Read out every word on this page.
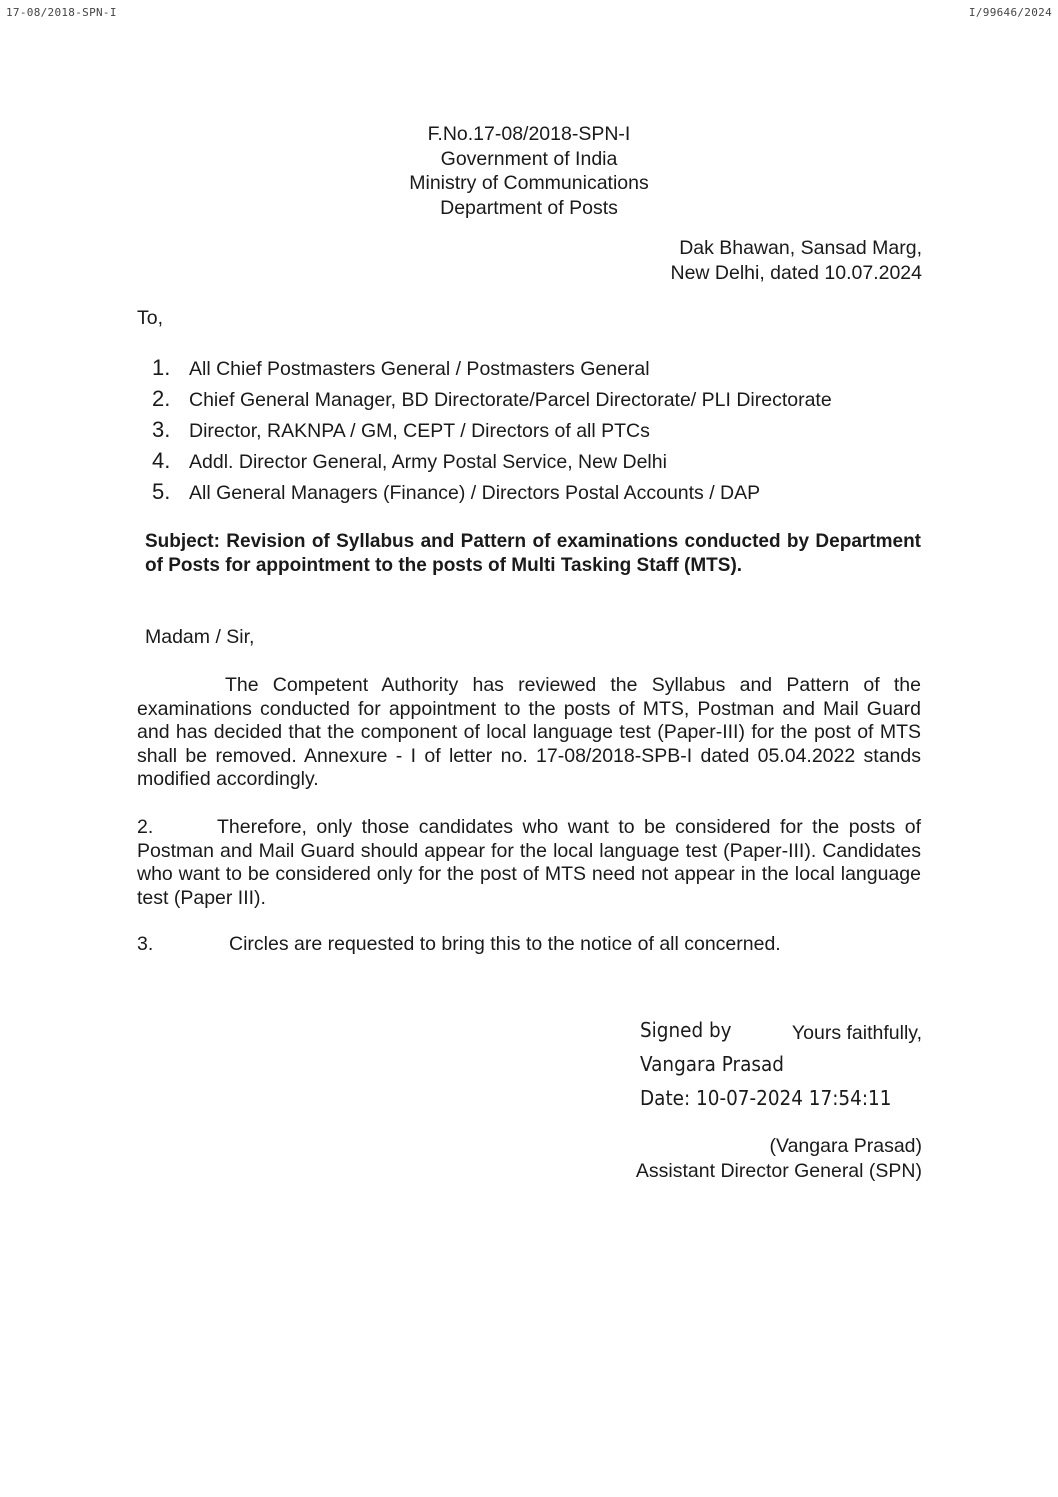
17-08/2018-SPN-I	I/99646/2024
F.No.17-08/2018-SPN-I
Government of India
Ministry of Communications
Department of Posts
Dak Bhawan, Sansad Marg,
New Delhi, dated 10.07.2024
To,
1. All Chief Postmasters General / Postmasters General
2. Chief General Manager, BD Directorate/Parcel Directorate/ PLI Directorate
3. Director, RAKNPA / GM, CEPT / Directors of all PTCs
4. Addl. Director General, Army Postal Service, New Delhi
5. All General Managers (Finance) / Directors Postal Accounts / DAP
Subject: Revision of Syllabus and Pattern of examinations conducted by Department of Posts for appointment to the posts of Multi Tasking Staff (MTS).
Madam / Sir,
The Competent Authority has reviewed the Syllabus and Pattern of the examinations conducted for appointment to the posts of MTS, Postman and Mail Guard and has decided that the component of local language test (Paper-III) for the post of MTS shall be removed. Annexure - I of letter no. 17-08/2018-SPB-I dated 05.04.2022 stands modified accordingly.
2.	Therefore, only those candidates who want to be considered for the posts of Postman and Mail Guard should appear for the local language test (Paper-III). Candidates who want to be considered only for the post of MTS need not appear in the local language test (Paper III).
3.	Circles are requested to bring this to the notice of all concerned.
Signed by	Yours faithfully,
Vangara Prasad
Date: 10-07-2024 17:54:11
(Vangara Prasad)
Assistant Director General (SPN)
